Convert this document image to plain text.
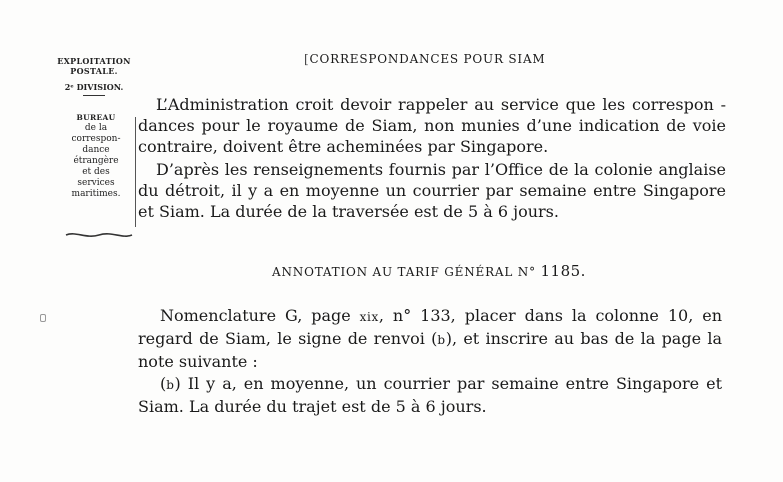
EXPLOITATION
POSTALE.
2ᵉ DIVISION.
BUREAU
de la
correspon-
dance
étrangère
et des
services
maritimes.
[CORRESPONDANCES POUR SIAM
L’Administration croit devoir rappeler au service que les correspon - dances pour le royaume de Siam, non munies d’une indication de voie contraire, doivent être acheminées par Singapore.
D’après les renseignements fournis par l’Office de la colonie anglaise du détroit, il y a en moyenne un courrier par semaine entre Singapore et Siam. La durée de la traversée est de 5 à 6 jours.
ANNOTATION AU TARIF GÉNÉRAL N° 1185.
Nomenclature G, page xix, n° 133, placer dans la colonne 10, en regard de Siam, le signe de renvoi (b), et inscrire au bas de la page la note suivante :
(b) Il y a, en moyenne, un courrier par semaine entre Singapore et Siam. La durée du trajet est de 5 à 6 jours.
